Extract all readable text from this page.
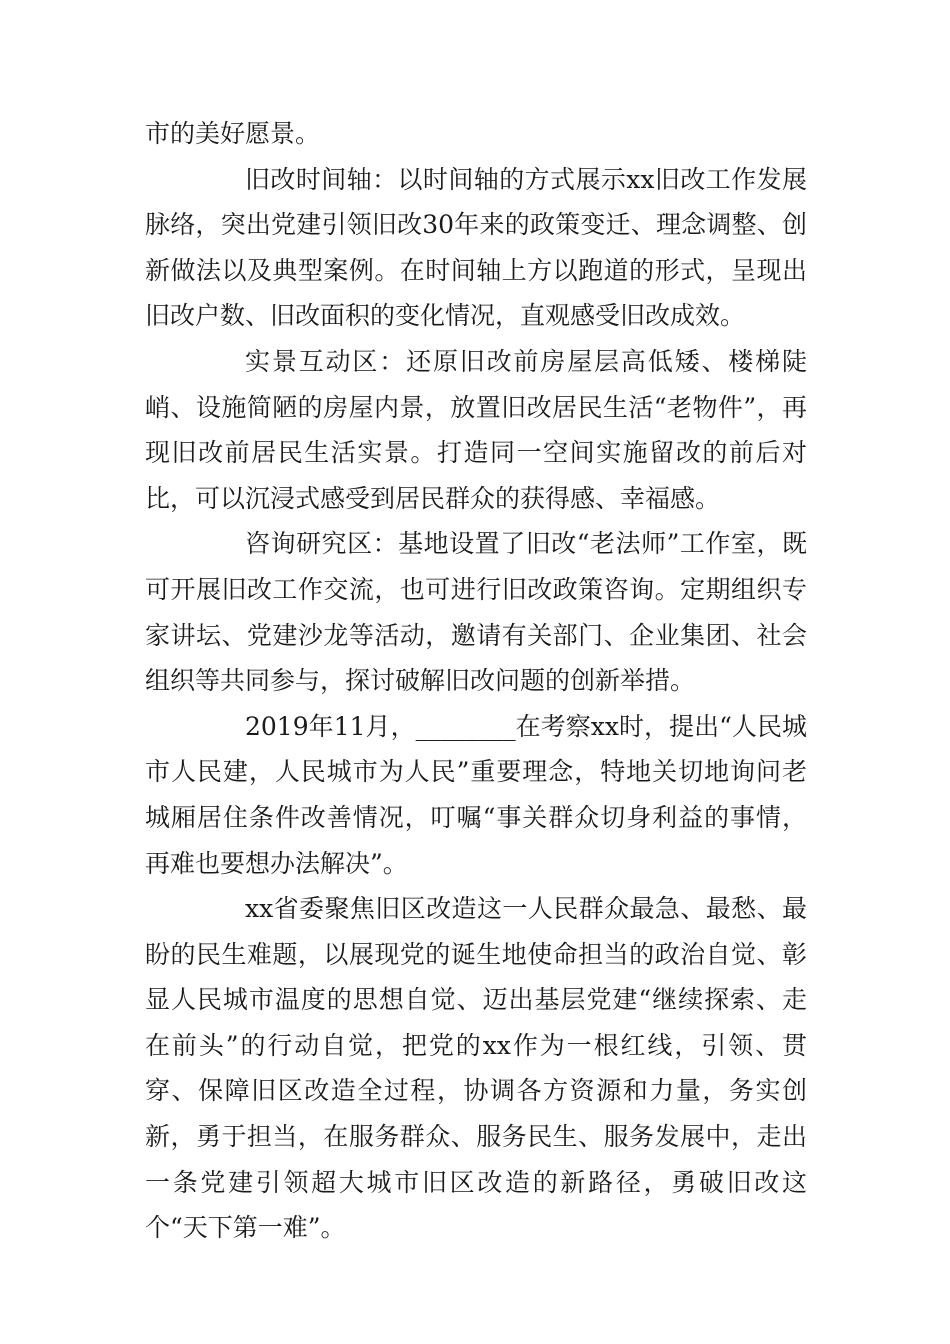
市的美好愿景。

旧改时间轴：以时间轴的方式展示xx旧改工作发展脉络，突出党建引领旧改30年来的政策变迁、理念调整、创新做法以及典型案例。在时间轴上方以跑道的形式，呈现出旧改户数、旧改面积的变化情况，直观感受旧改成效。

实景互动区：还原旧改前房屋层高低矮、楼梯陡峭、设施简陋的房屋内景，放置旧改居民生活“老物件”，再现旧改前居民生活实景。打造同一空间实施留改的前后对比，可以沉浸式感受到居民群众的获得感、幸福感。

咨询研究区：基地设置了旧改“老法师”工作室，既可开展旧改工作交流，也可进行旧改政策咨询。定期组织专家讲坛、党建沙龙等活动，邀请有关部门、企业集团、社会组织等共同参与，探讨破解旧改问题的创新举措。

2019年11月，________在考察xx时，提出“人民城市人民建，人民城市为人民”重要理念，特地关切地询问老城厢居住条件改善情况，叮嘱“事关群众切身利益的事情，再难也要想办法解决”。

xx省委聚焦旧区改造这一人民群众最急、最愁、最盼的民生难题，以展现党的诞生地使命担当的政治自觉、彰显人民城市温度的思想自觉、迈出基层党建“继续探索、走在前头”的行动自觉，把党的xx作为一根红线，引领、贯穿、保障旧区改造全过程，协调各方资源和力量，务实创新，勇于担当，在服务群众、服务民生、服务发展中，走出一条党建引领超大城市旧区改造的新路径，勇破旧改这个“天下第一难”。
